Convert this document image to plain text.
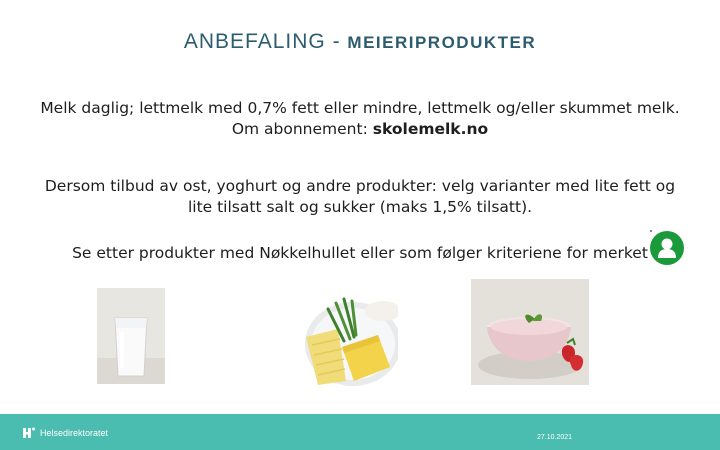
ANBEFALING - MEIERIPRODUKTER
Melk daglig; lettmelk med 0,7% fett eller mindre, lettmelk og/eller skummet melk.
Om abonnement: skolemelk.no
Dersom tilbud av ost, yoghurt og andre produkter: velg varianter med lite fett og
lite tilsatt salt og sukker (maks 1,5% tilsatt).
Se etter produkter med Nøkkelhullet eller som følger kriteriene for merket
Helsedirektoratet	27.10.2021
